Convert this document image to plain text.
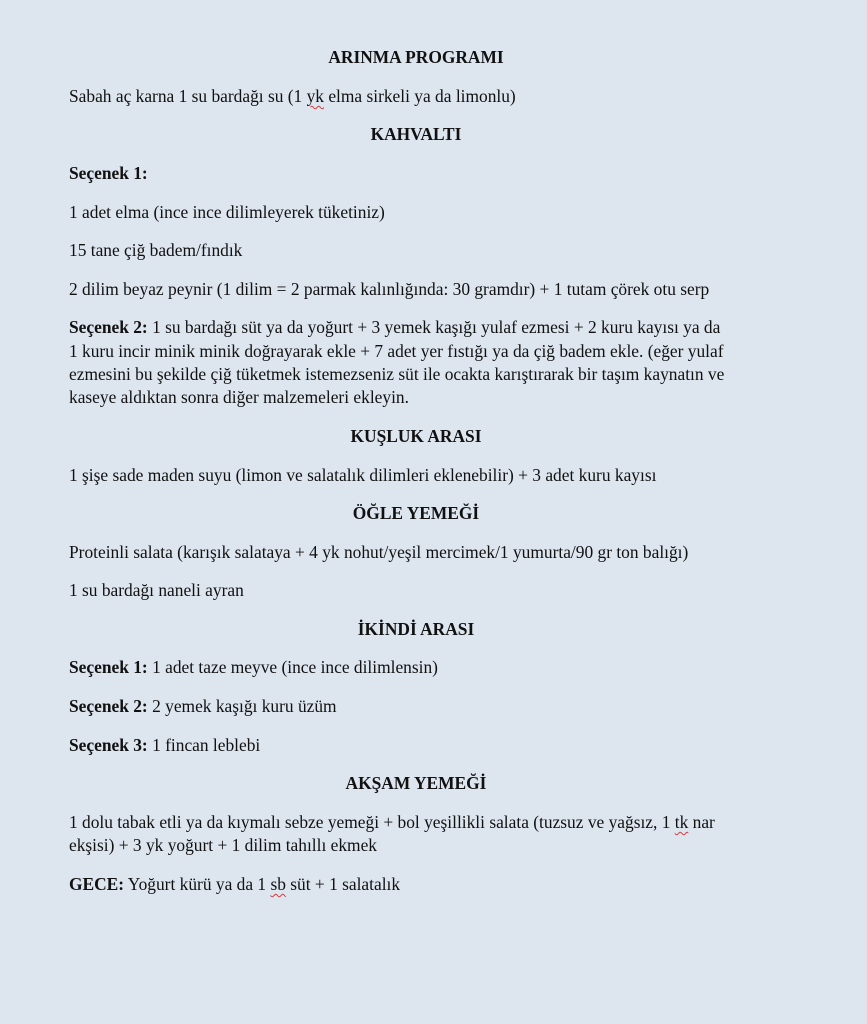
ARINMA PROGRAMI

Sabah aç karna 1 su bardağı su (1 yk elma sirkeli ya da limonlu)

KAHVALTI

Seçenek 1:

1 adet elma (ince ince dilimleyerek tüketiniz)

15 tane çiğ badem/fındık

2 dilim beyaz peynir (1 dilim = 2 parmak kalınlığında: 30 gramdır) + 1 tutam çörek otu serp

Seçenek 2: 1 su bardağı süt ya da yoğurt + 3 yemek kaşığı yulaf ezmesi + 2 kuru kayısı ya da

1 kuru incir minik minik doğrayarak ekle + 7 adet yer fıstığı ya da çiğ badem ekle. (eğer yulaf

ezmesini bu şekilde çiğ tüketmek istemezseniz süt ile ocakta karıştırarak bir taşım kaynatın ve

kaseye aldıktan sonra diğer malzemeleri ekleyin.

KUŞLUK ARASI

1 şişe sade maden suyu (limon ve salatalık dilimleri eklenebilir) + 3 adet kuru kayısı

ÖĞLE YEMEĞİ

Proteinli salata (karışık salataya + 4 yk nohut/yeşil mercimek/1 yumurta/90 gr ton balığı)

1 su bardağı naneli ayran

İKİNDİ ARASI

Seçenek 1: 1 adet taze meyve (ince ince dilimlensin)

Seçenek 2: 2 yemek kaşığı kuru üzüm

Seçenek 3: 1 fincan leblebi

AKŞAM YEMEĞİ

1 dolu tabak etli ya da kıymalı sebze yemeği + bol yeşillikli salata (tuzsuz ve yağsız, 1 tk nar

ekşisi) + 3 yk yoğurt + 1 dilim tahıllı ekmek

GECE: Yoğurt kürü ya da 1 sb süt + 1 salatalık
